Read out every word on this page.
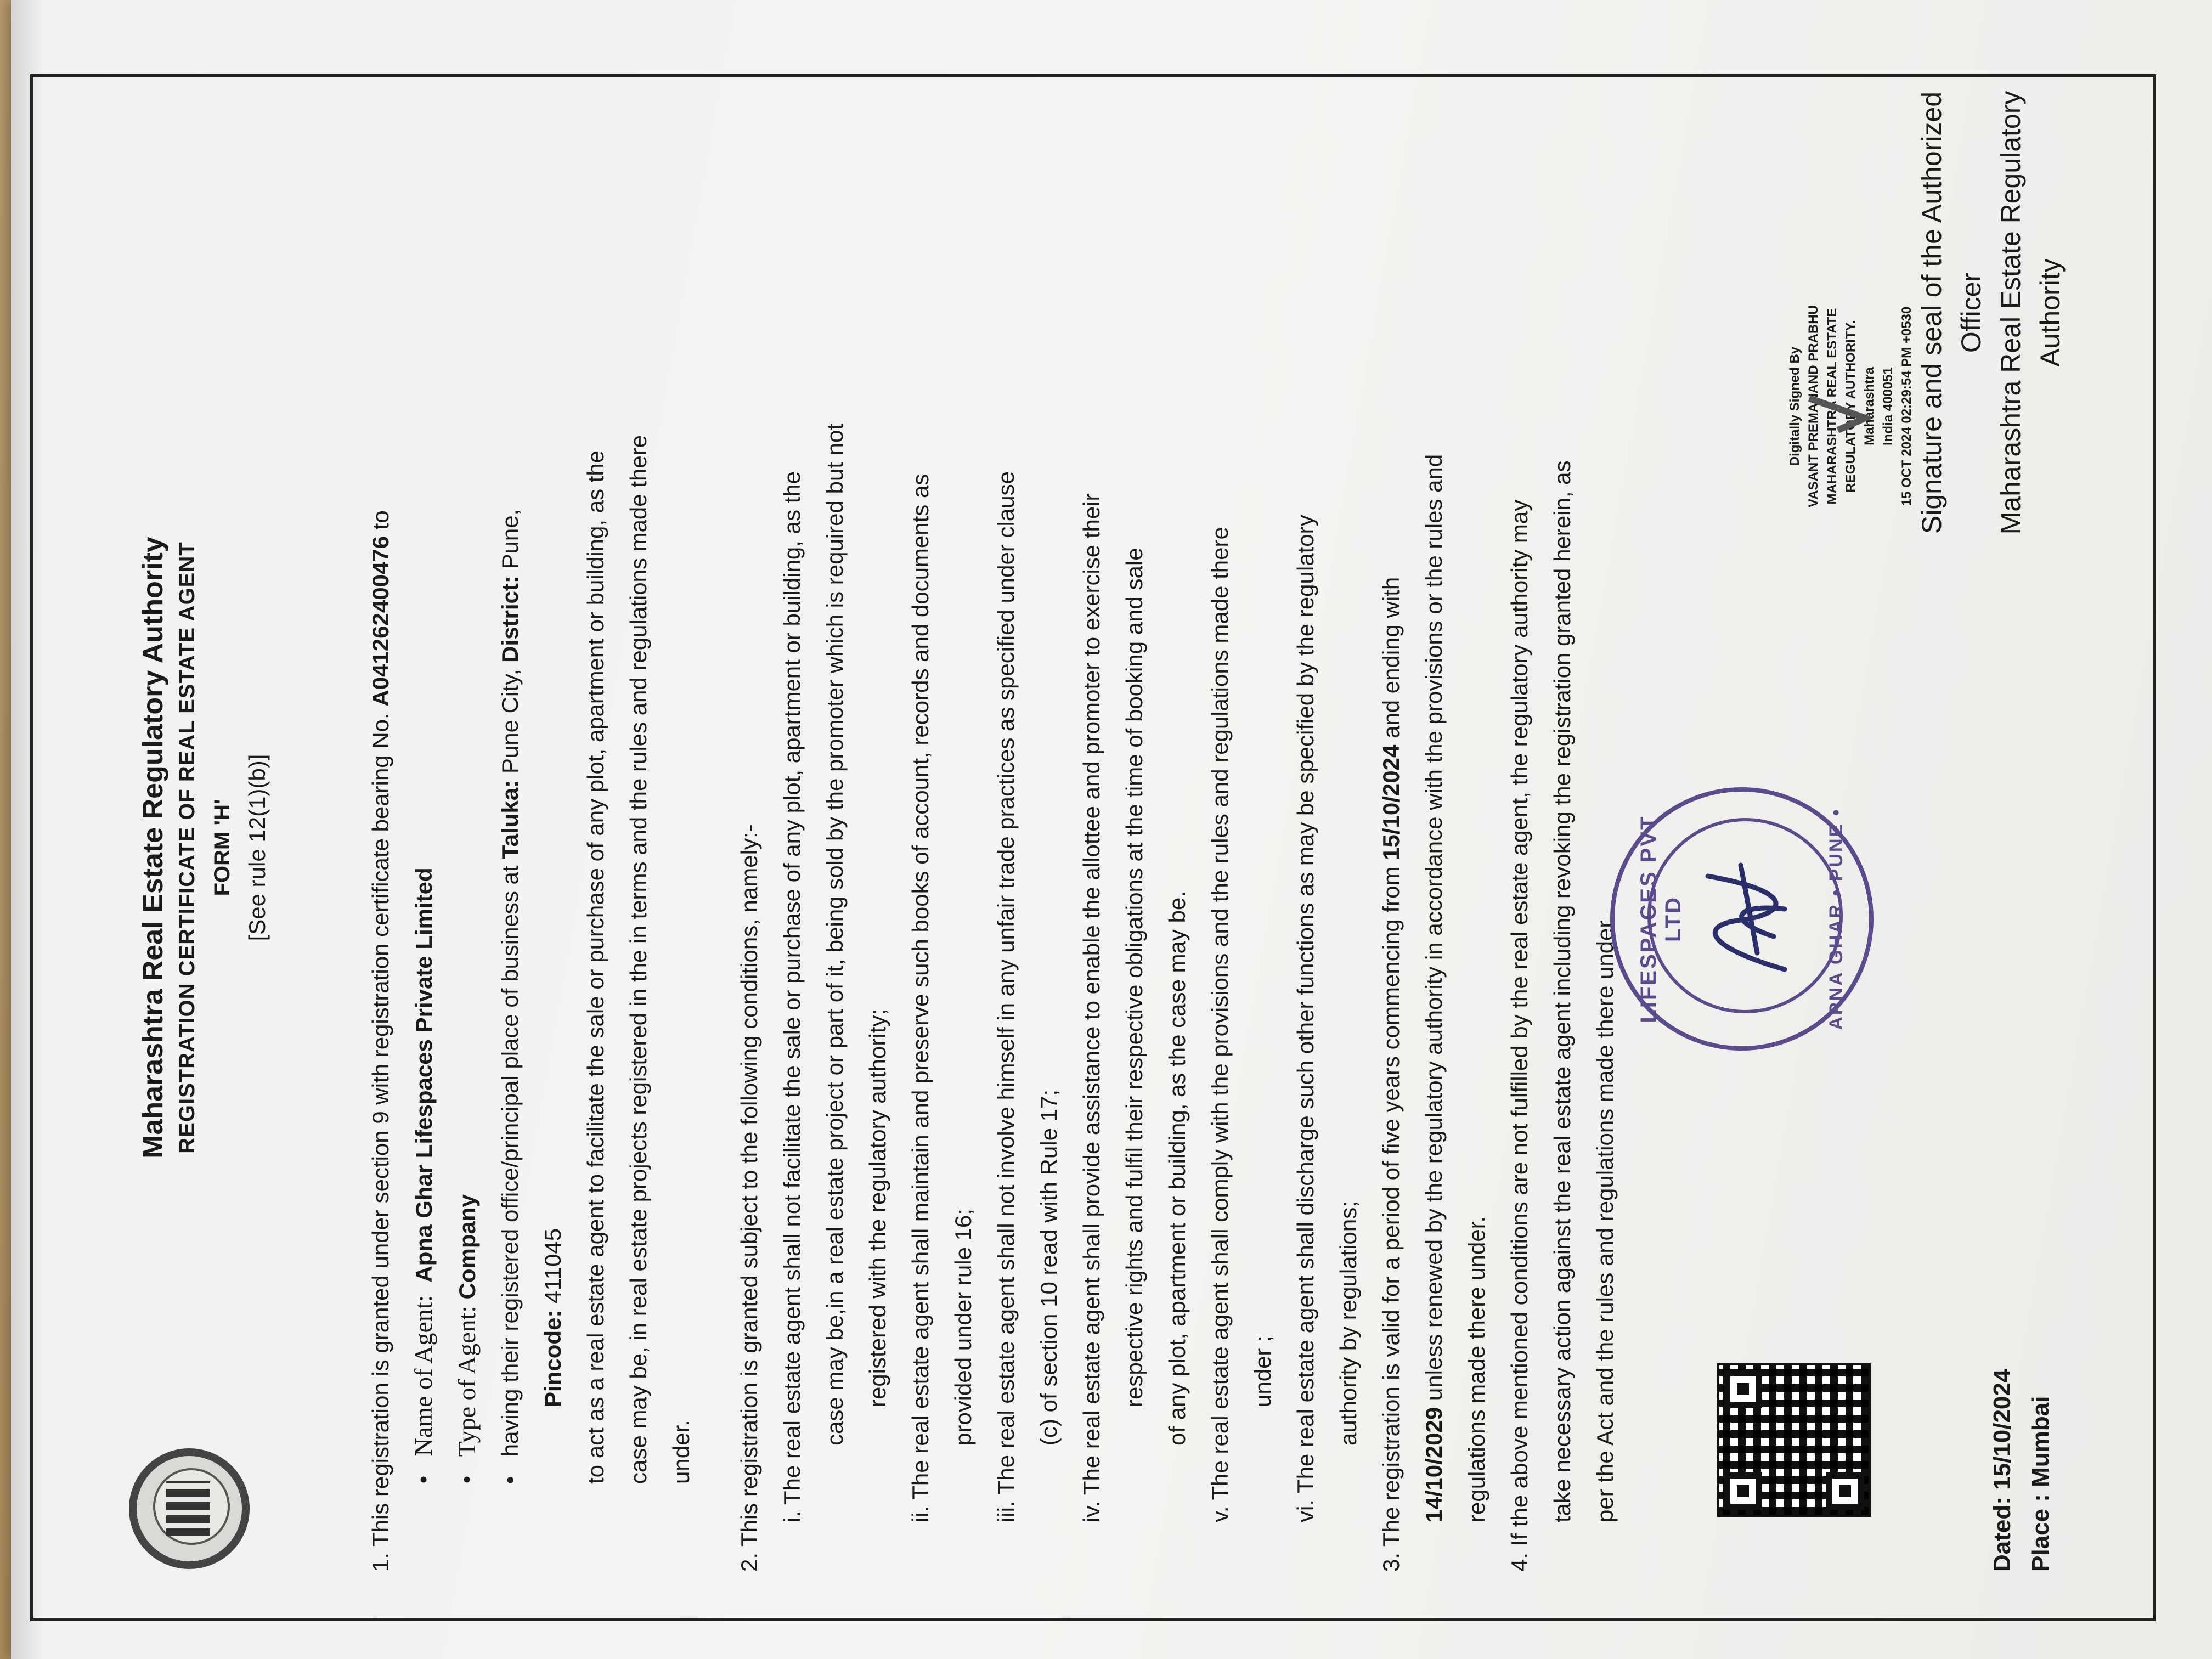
Maharashtra Real Estate Regulatory Authority REGISTRATION CERTIFICATE OF REAL ESTATE AGENT FORM 'H' [See rule 12(1)(b)]	1. This registration is granted under section 9 with registration certificate bearing No. A041262400476 to

•  Name of Agent:  Apna Ghar Lifespaces Private Limited

•  Type of Agent: Company

• having their registered office/principal place of business at Taluka: Pune City, District: Pune,

Pincode: 411045 to act as a real estate agent to facilitate the sale or purchase of any plot, apartment or building, as the case may be, in real estate projects registered in the in terms and the rules and regulations made there under.	2. This registration is granted subject to the following conditions, namely:- i. The real estate agent shall not facilitate the sale or purchase of any plot, apartment or building, as the case may be,in a real estate project or part of it, being sold by the promoter which is required but not registered with the regulatory authority; ii. The real estate agent shall maintain and preserve such books of account, records and documents as provided under rule 16; iii. The real estate agent shall not involve himself in any unfair trade practices as specified under clause (c) of section 10 read with Rule 17; iv. The real estate agent shall provide assistance to enable the allottee and promoter to exercise their respective rights and fulfil their respective obligations at the time of booking and sale of any plot, apartment or building, as the case may be. v. The real estate agent shall comply with the provisions and the rules and regulations made there under ; vi. The real estate agent shall discharge such other functions as may be specified by the regulatory authority by regulations; 3. The registration is valid for a period of five years commencing from 15/10/2024 and ending with

14/10/2029 unless renewed by the regulatory authority in accordance with the provisions or the rules and regulations made there under. 4. If the above mentioned conditions are not fulfilled by the real estate agent, the regulatory authority may take necessary action against the real estate agent including revoking the registration granted herein, as per the Act and the rules and regulations made there under	Dated: 15/10/2024 Place : Mumbai
LIFESPACES PVT LTD	APNA GHAR • PUNE •
Digitally Signed By VASANT PREMANAND PRABHU MAHARASHTRA REAL ESTATE REGULATORY AUTHORITY. Maharashtra India 400051 15 OCT 2024 02:29:54 PM +0530 Signature and seal of the Authorized Officer Maharashtra Real Estate Regulatory Authority
